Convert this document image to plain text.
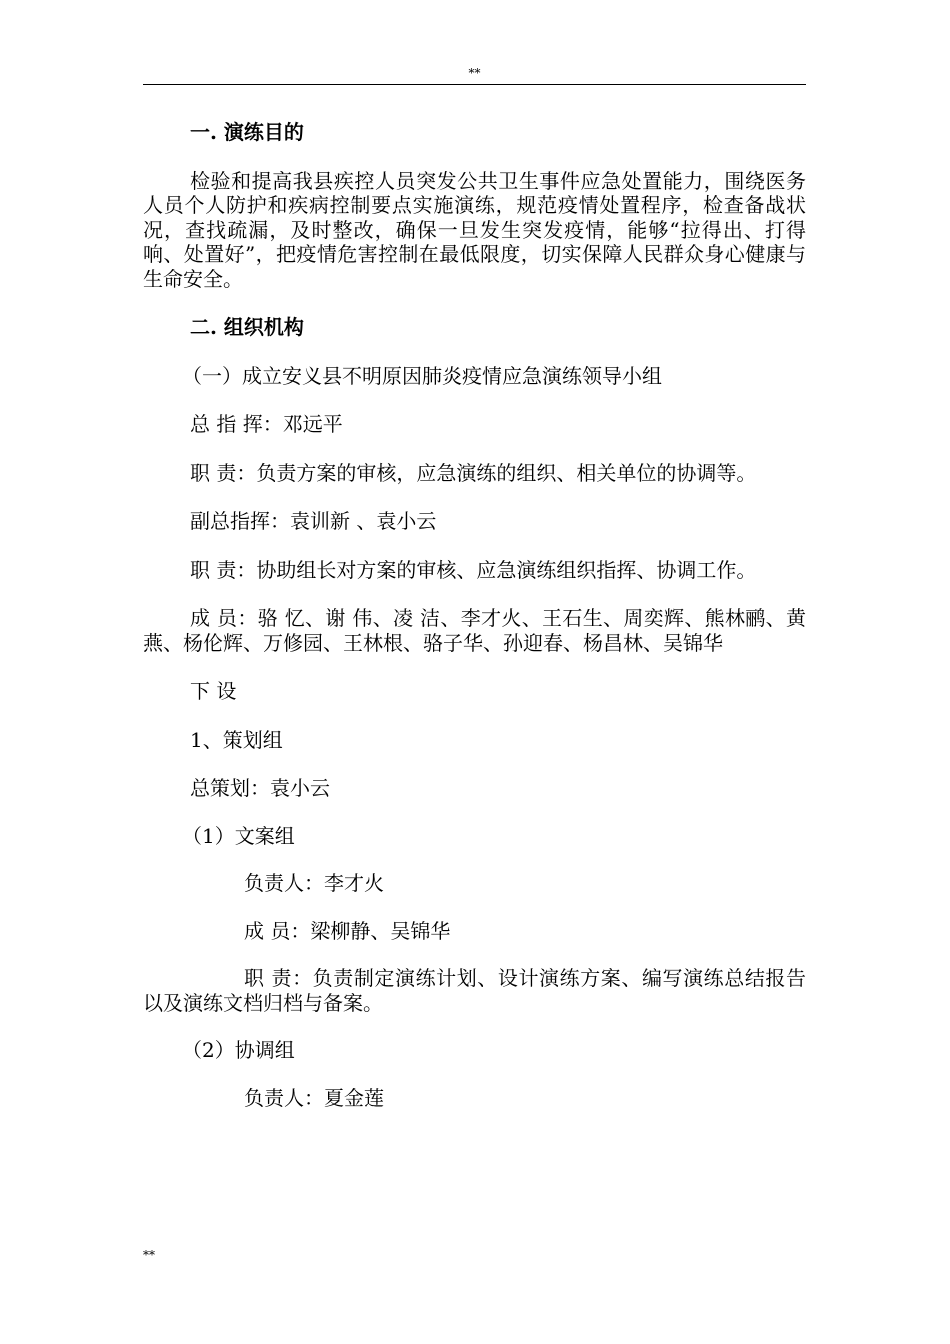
**

一. 演练目的

检验和提高我县疾控人员突发公共卫生事件应急处置能力，围绕医务人员个人防护和疾病控制要点实施演练，规范疫情处置程序，检查备战状况，查找疏漏，及时整改，确保一旦发生突发疫情，能够“拉得出、打得响、处置好”，把疫情危害控制在最低限度，切实保障人民群众身心健康与生命安全。

二. 组织机构

（一）成立安义县不明原因肺炎疫情应急演练领导小组

总 指 挥：邓远平

职 责：负责方案的审核，应急演练的组织、相关单位的协调等。

副总指挥：袁训新 、袁小云

职 责：协助组长对方案的审核、应急演练组织指挥、协调工作。

成 员：骆 忆、谢 伟、凌 洁、李才火、王石生、周奕辉、熊林鹂、黄 燕、杨伦辉、万修园、王林根、骆子华、孙迎春、杨昌林、吴锦华

下 设

1、策划组

总策划：袁小云

（1）文案组

负责人：李才火

成 员：梁柳静、吴锦华

职 责：负责制定演练计划、设计演练方案、编写演练总结报告以及演练文档归档与备案。

（2）协调组

负责人：夏金莲

**
